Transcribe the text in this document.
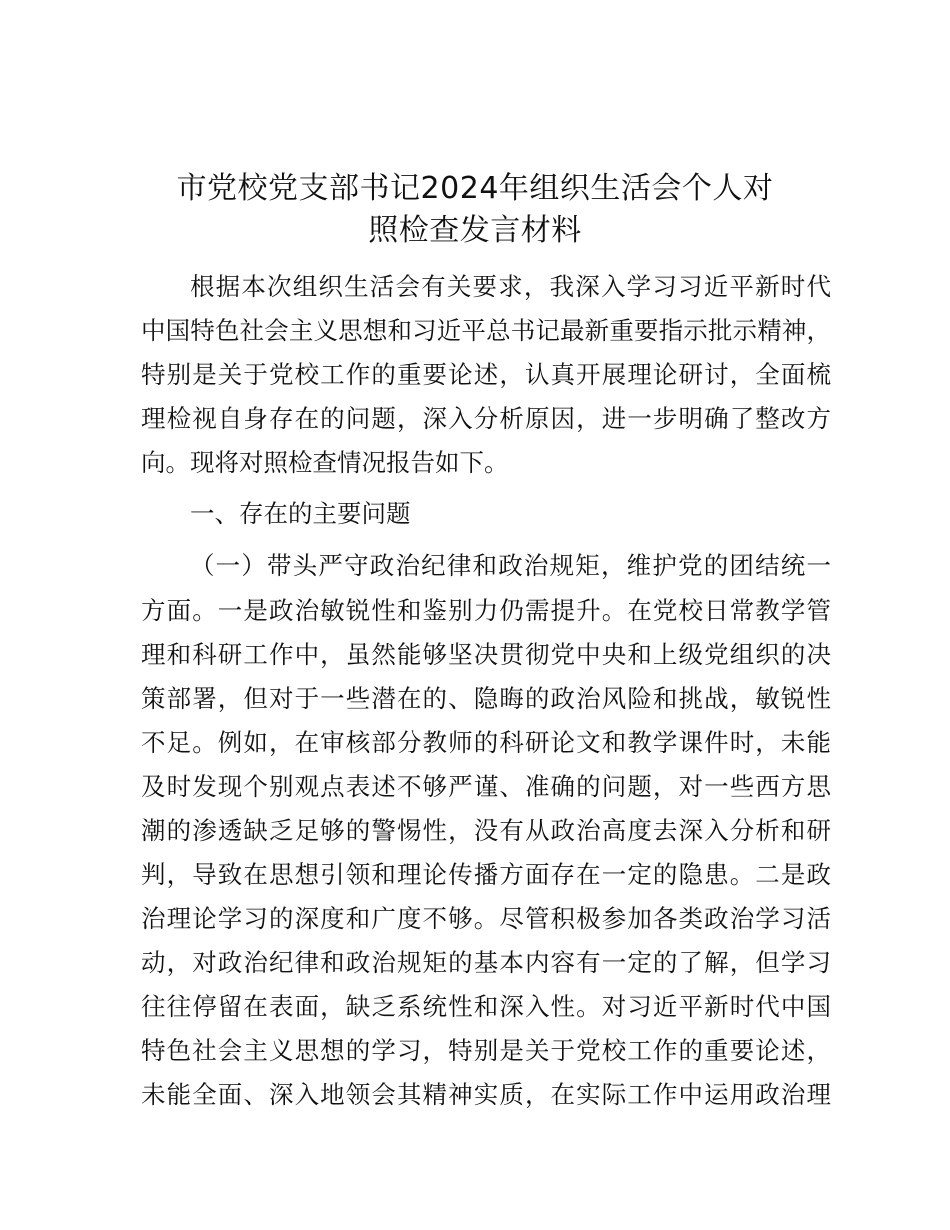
市党校党支部书记2024年组织生活会个人对
照检查发言材料
根据本次组织生活会有关要求，我深入学习习近平新时代
中国特色社会主义思想和习近平总书记最新重要指示批示精神，
特别是关于党校工作的重要论述，认真开展理论研讨，全面梳
理检视自身存在的问题，深入分析原因，进一步明确了整改方
向。现将对照检查情况报告如下。
一、存在的主要问题
（一）带头严守政治纪律和政治规矩，维护党的团结统一
方面。一是政治敏锐性和鉴别力仍需提升。在党校日常教学管
理和科研工作中，虽然能够坚决贯彻党中央和上级党组织的决
策部署，但对于一些潜在的、隐晦的政治风险和挑战，敏锐性
不足。例如，在审核部分教师的科研论文和教学课件时，未能
及时发现个别观点表述不够严谨、准确的问题，对一些西方思
潮的渗透缺乏足够的警惕性，没有从政治高度去深入分析和研
判，导致在思想引领和理论传播方面存在一定的隐患。二是政
治理论学习的深度和广度不够。尽管积极参加各类政治学习活
动，对政治纪律和政治规矩的基本内容有一定的了解，但学习
往往停留在表面，缺乏系统性和深入性。对习近平新时代中国
特色社会主义思想的学习，特别是关于党校工作的重要论述，
未能全面、深入地领会其精神实质，在实际工作中运用政治理
